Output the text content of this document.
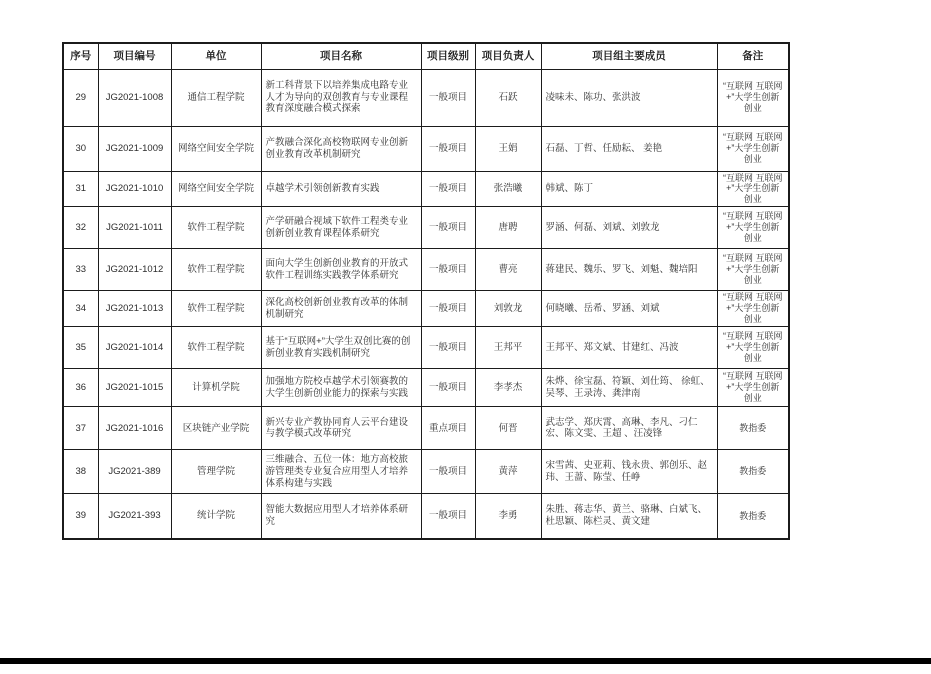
序号	项目编号	单位	项目名称	项目级别	项目负责人	项目组主要成员	备注
29	JG2021-1008	通信工程学院	新工科背景下以培养集成电路专业人才为导向的双创教育与专业课程教育深度融合模式探索	一般项目	石跃	凌味未、陈功、张洪波	“互联网 互联网+”大学生创新创业
30	JG2021-1009	网络空间安全学院	产教融合深化高校物联网专业创新创业教育改革机制研究	一般项目	王娟	石磊、丁哲、任励耘、 姜艳	“互联网 互联网+”大学生创新创业
31	JG2021-1010	网络空间安全学院	卓越学术引领创新教育实践	一般项目	张浩曦	韩斌、陈丁	“互联网 互联网+”大学生创新创业
32	JG2021-1011	软件工程学院	产学研融合视域下软件工程类专业创新创业教育课程体系研究	一般项目	唐聘	罗涵、何磊、刘斌、刘敦龙	“互联网 互联网+”大学生创新创业
33	JG2021-1012	软件工程学院	面向大学生创新创业教育的开放式软件工程训练实践教学体系研究	一般项目	曹亮	蒋建民、魏乐、罗飞、刘魁、魏培阳	“互联网 互联网+”大学生创新创业
34	JG2021-1013	软件工程学院	深化高校创新创业教育改革的体制机制研究	一般项目	刘敦龙	何晓曦、岳希、罗涵、刘斌	“互联网 互联网+”大学生创新创业
35	JG2021-1014	软件工程学院	基于“互联网+”大学生双创比赛的创新创业教育实践机制研究	一般项目	王邦平	王邦平、郑文斌、甘建红、冯波	“互联网 互联网+”大学生创新创业
36	JG2021-1015	计算机学院	加强地方院校卓越学术引领赛教的大学生创新创业能力的探索与实践	一般项目	李孝杰	朱烨、徐宝磊、符颖、刘仕筠、 徐虹、吴琴、王录涛、龚津南	“互联网 互联网+”大学生创新创业
37	JG2021-1016	区块链产业学院	新兴专业产教协同育人云平台建设与教学模式改革研究	重点项目	何晋	武志学、郑庆霄、高琳、李凡、刁仁宏、陈文雯、王超 、汪凌锋	教指委
38	JG2021-389	管理学院	三维融合、五位一体：地方高校旅游管理类专业复合应用型人才培养体系构建与实践	一般项目	黄萍	宋雪茜、史亚莉、钱永贵、郭创乐、赵玮、王蔷、陈莹、任峥	教指委
39	JG2021-393	统计学院	智能大数据应用型人才培养体系研究	一般项目	李勇	朱胜、蒋志华、黄兰、骆琳、白斌飞、杜思颖、陈栏灵、黄文建	教指委
